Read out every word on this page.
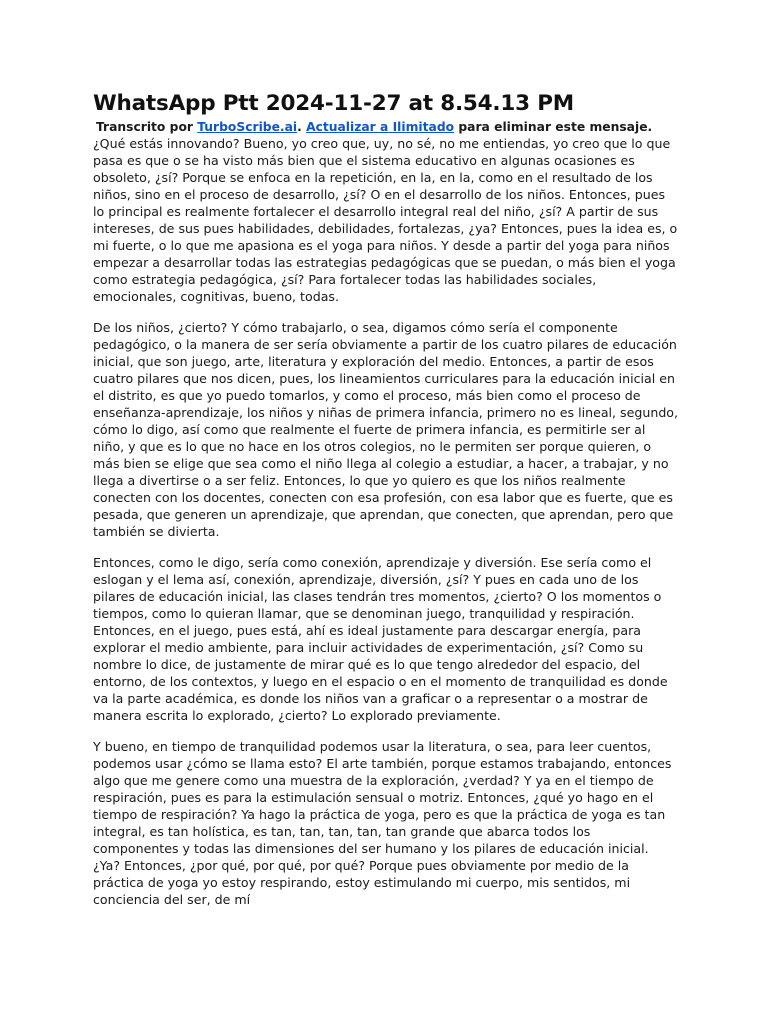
WhatsApp Ptt 2024-11-27 at 8.54.13 PM
Transcrito por TurboScribe.ai. Actualizar a Ilimitado para eliminar este mensaje.

¿Qué estás innovando? Bueno, yo creo que, uy, no sé, no me entiendas, yo creo que lo que pasa es que o se ha visto más bien que el sistema educativo en algunas ocasiones es obsoleto, ¿sí? Porque se enfoca en la repetición, en la, en la, como en el resultado de los niños, sino en el proceso de desarrollo, ¿sí? O en el desarrollo de los niños. Entonces, pues lo principal es realmente fortalecer el desarrollo integral real del niño, ¿sí? A partir de sus intereses, de sus pues habilidades, debilidades, fortalezas, ¿ya? Entonces, pues la idea es, o mi fuerte, o lo que me apasiona es el yoga para niños. Y desde a partir del yoga para niños empezar a desarrollar todas las estrategias pedagógicas que se puedan, o más bien el yoga como estrategia pedagógica, ¿sí? Para fortalecer todas las habilidades sociales, emocionales, cognitivas, bueno, todas.

De los niños, ¿cierto? Y cómo trabajarlo, o sea, digamos cómo sería el componente pedagógico, o la manera de ser sería obviamente a partir de los cuatro pilares de educación inicial, que son juego, arte, literatura y exploración del medio. Entonces, a partir de esos cuatro pilares que nos dicen, pues, los lineamientos curriculares para la educación inicial en el distrito, es que yo puedo tomarlos, y como el proceso, más bien como el proceso de enseñanza-aprendizaje, los niños y niñas de primera infancia, primero no es lineal, segundo, cómo lo digo, así como que realmente el fuerte de primera infancia, es permitirle ser al niño, y que es lo que no hace en los otros colegios, no le permiten ser porque quieren, o más bien se elige que sea como el niño llega al colegio a estudiar, a hacer, a trabajar, y no llega a divertirse o a ser feliz. Entonces, lo que yo quiero es que los niños realmente conecten con los docentes, conecten con esa profesión, con esa labor que es fuerte, que es pesada, que generen un aprendizaje, que aprendan, que conecten, que aprendan, pero que también se divierta.

Entonces, como le digo, sería como conexión, aprendizaje y diversión. Ese sería como el eslogan y el lema así, conexión, aprendizaje, diversión, ¿sí? Y pues en cada uno de los pilares de educación inicial, las clases tendrán tres momentos, ¿cierto? O los momentos o tiempos, como lo quieran llamar, que se denominan juego, tranquilidad y respiración. Entonces, en el juego, pues está, ahí es ideal justamente para descargar energía, para explorar el medio ambiente, para incluir actividades de experimentación, ¿sí? Como su nombre lo dice, de justamente de mirar qué es lo que tengo alrededor del espacio, del entorno, de los contextos, y luego en el espacio o en el momento de tranquilidad es donde va la parte académica, es donde los niños van a graficar o a representar o a mostrar de manera escrita lo explorado, ¿cierto? Lo explorado previamente.

Y bueno, en tiempo de tranquilidad podemos usar la literatura, o sea, para leer cuentos, podemos usar ¿cómo se llama esto? El arte también, porque estamos trabajando, entonces algo que me genere como una muestra de la exploración, ¿verdad? Y ya en el tiempo de respiración, pues es para la estimulación sensual o motriz. Entonces, ¿qué yo hago en el tiempo de respiración? Ya hago la práctica de yoga, pero es que la práctica de yoga es tan integral, es tan holística, es tan, tan, tan, tan, tan grande que abarca todos los componentes y todas las dimensiones del ser humano y los pilares de educación inicial. ¿Ya? Entonces, ¿por qué, por qué, por qué? Porque pues obviamente por medio de la práctica de yoga yo estoy respirando, estoy estimulando mi cuerpo, mis sentidos, mi conciencia del ser, de mí
